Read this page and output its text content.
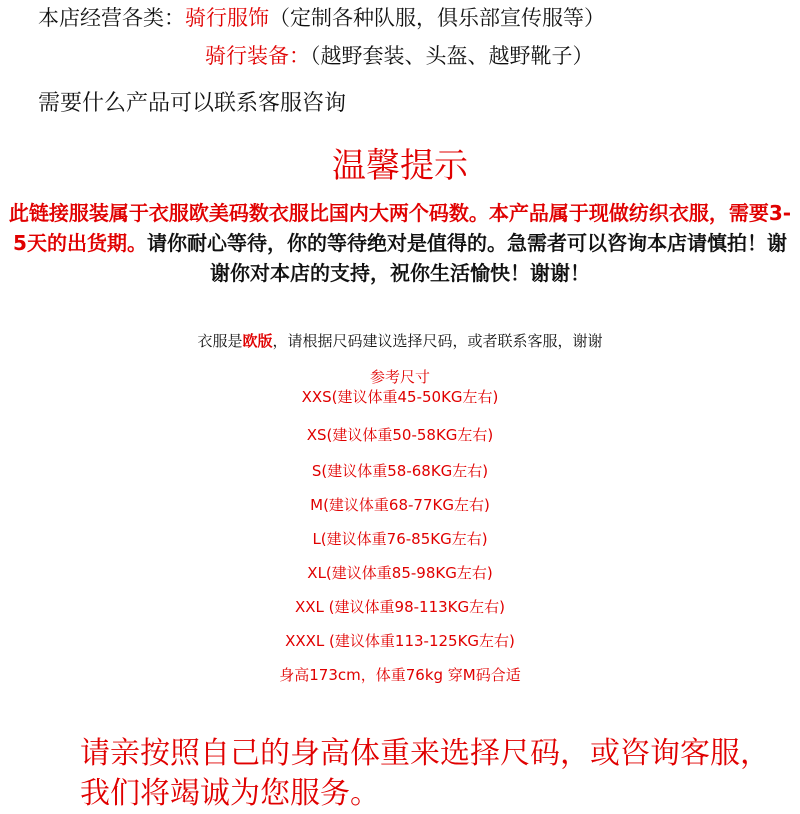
本店经营各类：骑行服饰（定制各种队服，俱乐部宣传服等）
骑行装备：（越野套装、头盔、越野靴子）
需要什么产品可以联系客服咨询
温馨提示
此链接服装属于衣服欧美码数衣服比国内大两个码数。本产品属于现做纺织衣服，需要3-5天的出货期。请你耐心等待，你的等待绝对是值得的。急需者可以咨询本店请慎拍！谢谢你对本店的支持，祝你生活愉快！谢谢！
衣服是欧版，请根据尺码建议选择尺码，或者联系客服，谢谢
参考尺寸
XXS(建议体重45-50KG左右)
XS(建议体重50-58KG左右)
S(建议体重58-68KG左右)
M(建议体重68-77KG左右)
L(建议体重76-85KG左右)
XL(建议体重85-98KG左右)
XXL (建议体重98-113KG左右)
XXXL (建议体重113-125KG左右)
身高173cm，体重76kg 穿M码合适
请亲按照自己的身高体重来选择尺码，或咨询客服，我们将竭诚为您服务。
